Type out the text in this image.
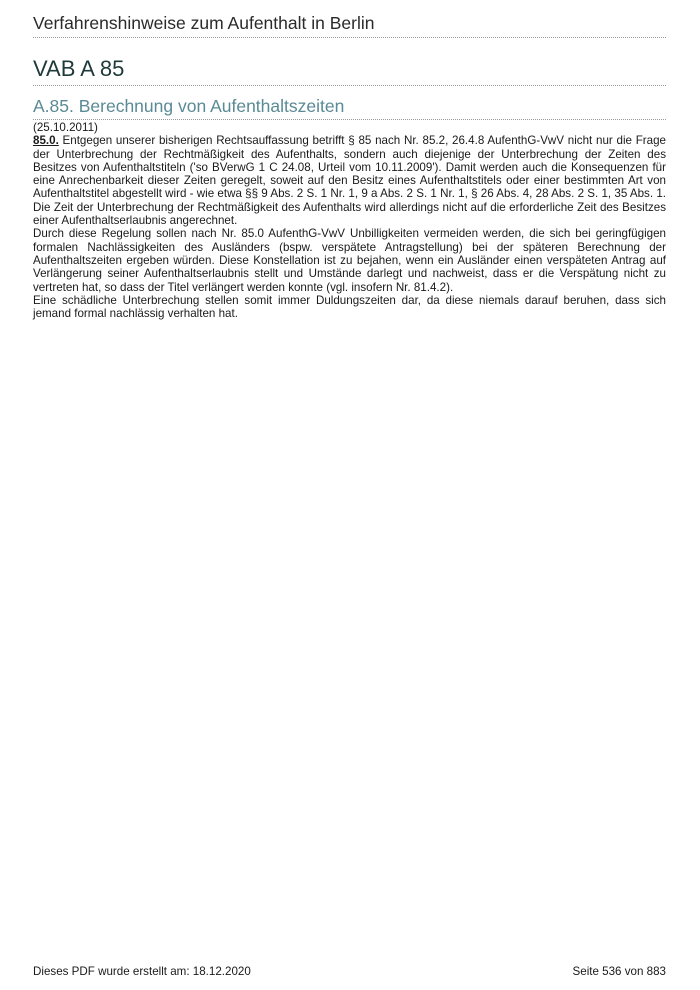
Verfahrenshinweise zum Aufenthalt in Berlin
VAB A 85
A.85. Berechnung von Aufenthaltszeiten
(25.10.2011)

85.0. Entgegen unserer bisherigen Rechtsauffassung betrifft § 85 nach Nr. 85.2, 26.4.8 AufenthG-VwV nicht nur die Frage der Unterbrechung der Rechtmäßigkeit des Aufenthalts, sondern auch diejenige der Unterbrechung der Zeiten des Besitzes von Aufenthaltstiteln ('so BVerwG 1 C 24.08, Urteil vom 10.11.2009'). Damit werden auch die Konsequenzen für eine Anrechenbarkeit dieser Zeiten geregelt, soweit auf den Besitz eines Aufenthaltstitels oder einer bestimmten Art von Aufenthaltstitel abgestellt wird - wie etwa §§ 9 Abs. 2 S. 1 Nr. 1, 9 a Abs. 2 S. 1 Nr. 1, § 26 Abs. 4, 28 Abs. 2 S. 1, 35 Abs. 1. Die Zeit der Unterbrechung der Rechtmäßigkeit des Aufenthalts wird allerdings nicht auf die erforderliche Zeit des Besitzes einer Aufenthaltserlaubnis angerechnet.

Durch diese Regelung sollen nach Nr. 85.0 AufenthG-VwV Unbilligkeiten vermeiden werden, die sich bei geringfügigen formalen Nachlässigkeiten des Ausländers (bspw. verspätete Antragstellung) bei der späteren Berechnung der Aufenthaltszeiten ergeben würden. Diese Konstellation ist zu bejahen, wenn ein Ausländer einen verspäteten Antrag auf Verlängerung seiner Aufenthaltserlaubnis stellt und Umstände darlegt und nachweist, dass er die Verspätung nicht zu vertreten hat, so dass der Titel verlängert werden konnte (vgl. insofern Nr. 81.4.2).

Eine schädliche Unterbrechung stellen somit immer Duldungszeiten dar, da diese niemals darauf beruhen, dass sich jemand formal nachlässig verhalten hat.

Dieses PDF wurde erstellt am: 18.12.2020	Seite 536 von 883
